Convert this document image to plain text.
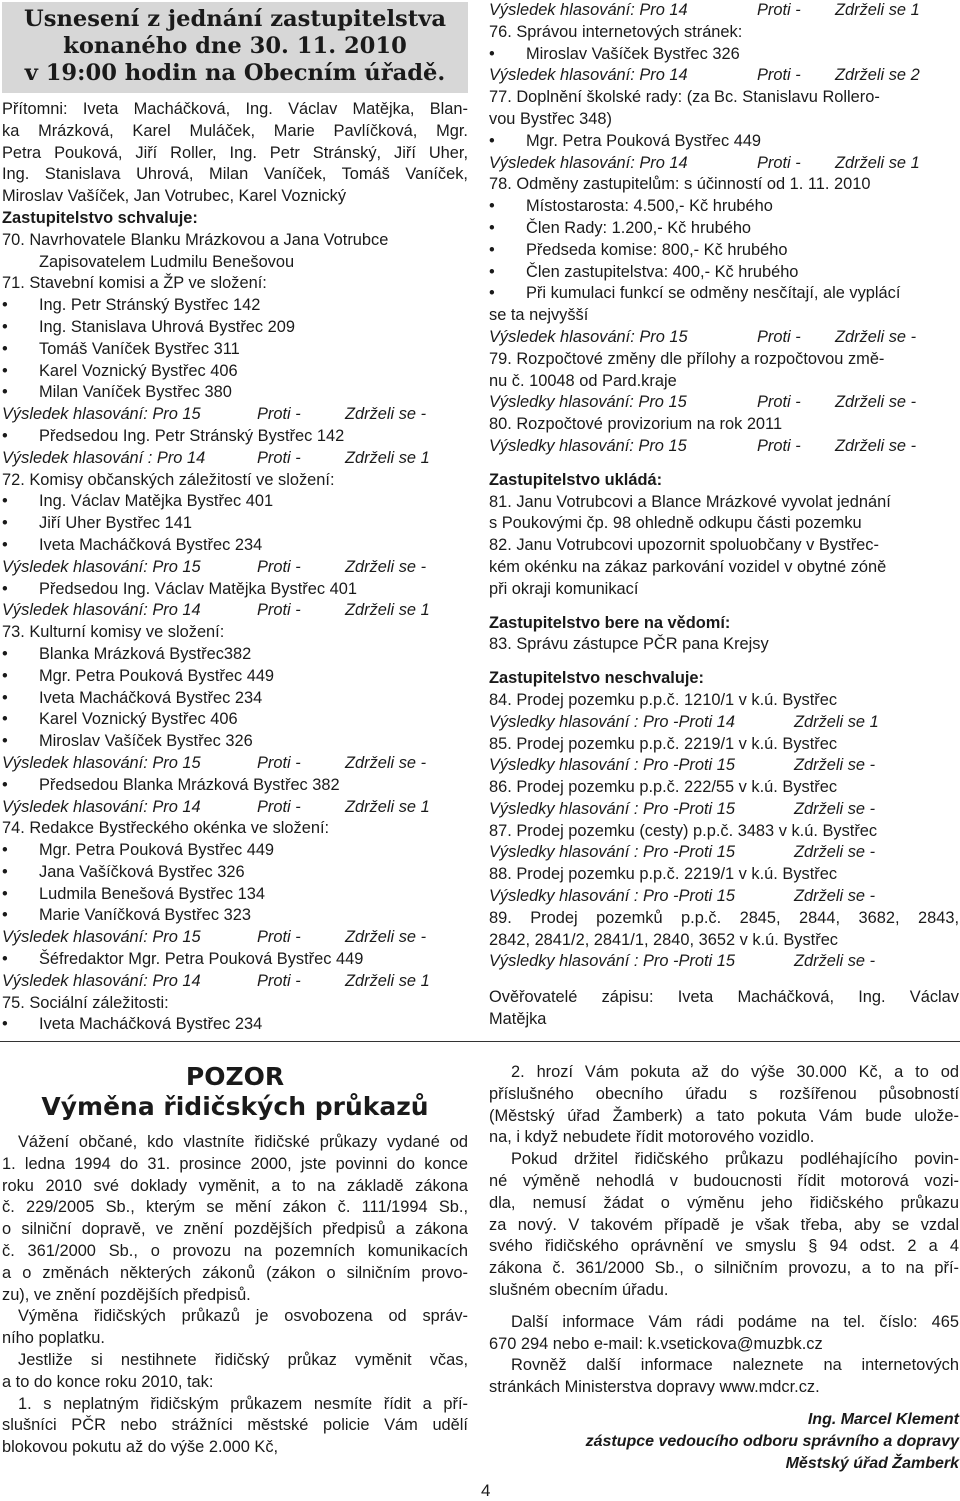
Usnesení z jednání zastupitelstva
konaného dne 30. 11. 2010
v 19:00 hodin na Obecním úřadě.
Přítomni: Iveta Macháčková, Ing. Václav Matějka, Blan-
ka Mrázková, Karel Muláček, Marie Pavlíčková, Mgr.
Petra Pouková, Jiří Roller, Ing. Petr Stránský, Jiří Uher,
Ing. Stanislava Uhrová, Milan Vaníček, Tomáš Vaníček,
Miroslav Vašíček, Jan Votrubec, Karel Voznický
Zastupitelstvo schvaluje:
70. Navrhovatele Blanku Mrázkovou a Jana Votrubce
Zapisovatelem Ludmilu Benešovou
71. Stavební komisi a ŽP ve složení:
• Ing. Petr Stránský Bystřec 142
• Ing. Stanislava Uhrová Bystřec 209
• Tomáš Vaníček Bystřec 311
• Karel Voznický Bystřec 406
• Milan Vaníček Bystřec 380
Výsledek hlasování: Pro 15	Proti -	Zdrželi se -
• Předsedou Ing. Petr Stránský Bystřec 142
Výsledek hlasování : Pro 14	Proti -	Zdrželi se 1
72. Komisy občanských záležitostí ve složení:
• Ing. Václav Matějka Bystřec 401
• Jiří Uher Bystřec 141
• Iveta Macháčková Bystřec 234
Výsledek hlasování: Pro 15	Proti -	Zdrželi se -
• Předsedou Ing. Václav Matějka Bystřec 401
Výsledek hlasování: Pro 14	Proti -	Zdrželi se 1
73. Kulturní komisy ve složení:
• Blanka Mrázková Bystřec382
• Mgr. Petra Pouková Bystřec 449
• Iveta Macháčková Bystřec 234
• Karel Voznický Bystřec 406
• Miroslav Vašíček Bystřec 326
Výsledek hlasování: Pro 15	Proti -	Zdrželi se -
• Předsedou Blanka Mrázková Bystřec 382
Výsledek hlasování: Pro 14	Proti -	Zdrželi se 1
74. Redakce Bystřeckého okénka ve složení:
• Mgr. Petra Pouková Bystřec 449
• Jana Vašíčková Bystřec 326
• Ludmila Benešová Bystřec 134
• Marie Vaníčková Bystřec 323
Výsledek hlasování: Pro 15	Proti -	Zdrželi se -
• Šéfredaktor Mgr. Petra Pouková Bystřec 449
Výsledek hlasování: Pro 14	Proti -	Zdrželi se 1
75. Sociální záležitosti:
• Iveta Macháčková Bystřec 234
Výsledek hlasování: Pro 14	Proti -	Zdrželi se 1
76. Správou internetových stránek:
• Miroslav Vašíček Bystřec 326
Výsledek hlasování: Pro 14	Proti -	Zdrželi se 2
77. Doplnění školské rady: (za Bc. Stanislavu Rollero-
vou Bystřec 348)
• Mgr. Petra Pouková Bystřec 449
Výsledek hlasování: Pro 14	Proti -	Zdrželi se 1
78. Odměny zastupitelům: s účinností od 1. 11. 2010
• Místostarosta: 4.500,- Kč hrubého
• Člen Rady: 1.200,- Kč hrubého
• Předseda komise: 800,- Kč hrubého
• Člen zastupitelstva: 400,- Kč hrubého
• Při kumulaci funkcí se odměny nesčítají, ale vyplácí
se ta nejvyšší
Výsledek hlasování: Pro 15	Proti -	Zdrželi se -
79. Rozpočtové změny dle přílohy a rozpočtovou změ-
nu č. 10048 od Pard.kraje
Výsledky hlasování: Pro 15	Proti -	Zdrželi se -
80. Rozpočtové provizorium na rok 2011
Výsledky hlasování: Pro 15	Proti -	Zdrželi se -
Zastupitelstvo ukládá:
81. Janu Votrubcovi a Blance Mrázkové vyvolat jednání
s Poukovými čp. 98 ohledně odkupu části pozemku
82. Janu Votrubcovi upozornit spoluobčany v Bystřec-
kém okénku na zákaz parkování vozidel v obytné zóně
při okraji komunikací
Zastupitelstvo bere na vědomí:
83. Správu zástupce PČR pana Krejsy
Zastupitelstvo neschvaluje:
84. Prodej pozemku p.p.č. 1210/1 v k.ú. Bystřec
Výsledky hlasování : Pro -Proti 14	Zdrželi se 1
85. Prodej pozemku p.p.č. 2219/1 v k.ú. Bystřec
Výsledky hlasování : Pro -Proti 15	Zdrželi se -
86. Prodej pozemku p.p.č. 222/55 v k.ú. Bystřec
Výsledky hlasování : Pro -Proti 15	Zdrželi se -
87. Prodej pozemku (cesty) p.p.č. 3483 v k.ú. Bystřec
Výsledky hlasování : Pro -Proti 15	Zdrželi se -
88. Prodej pozemku p.p.č. 2219/1 v k.ú. Bystřec
Výsledky hlasování : Pro -Proti 15	Zdrželi se -
89. Prodej pozemků p.p.č. 2845, 2844, 3682, 2843,
2842, 2841/2, 2841/1, 2840, 3652 v k.ú. Bystřec
Výsledky hlasování : Pro -Proti 15	Zdrželi se -
Ověřovatelé zápisu: Iveta Macháčková, Ing. Václav
Matějka
POZOR
Výměna řidičských průkazů
Vážení občané, kdo vlastníte řidičské průkazy vydané od
1. ledna 1994 do 31. prosince 2000, jste povinni do konce
roku 2010 své doklady vyměnit, a to na základě zákona
č. 229/2005 Sb., kterým se mění zákon č. 111/1994 Sb.,
o silniční dopravě, ve znění pozdějších předpisů a zákona
č. 361/2000 Sb., o provozu na pozemních komunikacích
a o změnách některých zákonů (zákon o silničním provo-
zu), ve znění pozdějších předpisů.
Výměna řidičských průkazů je osvobozena od správ-
ního poplatku.
Jestliže si nestihnete řidičský průkaz vyměnit včas,
a to do konce roku 2010, tak:
1. s neplatným řidičským průkazem nesmíte řídit a pří-
slušníci PČR nebo strážníci městské policie Vám udělí
blokovou pokutu až do výše 2.000 Kč,
2. hrozí Vám pokuta až do výše 30.000 Kč, a to od
příslušného obecního úřadu s rozšířenou působností
(Městský úřad Žamberk) a tato pokuta Vám bude ulože-
na, i když nebudete řídit motorového vozidlo.
Pokud držitel řidičského průkazu podléhajícího povin-
né výměně nehodlá v budoucnosti řídit motorová vozi-
dla, nemusí žádat o výměnu jeho řidičského průkazu
za nový. V takovém případě je však třeba, aby se vzdal
svého řidičského oprávnění ve smyslu § 94 odst. 2 a 4
zákona č. 361/2000 Sb., o silničním provozu, a to na pří-
slušném obecním úřadu.
Další informace Vám rádi podáme na tel. číslo: 465
670 294 nebo e-mail: k.vsetickova@muzbk.cz
Rovněž další informace naleznete na internetových
stránkách Ministerstva dopravy www.mdcr.cz.
Ing. Marcel Klement
zástupce vedoucího odboru správního a dopravy
Městský úřad Žamberk
4
